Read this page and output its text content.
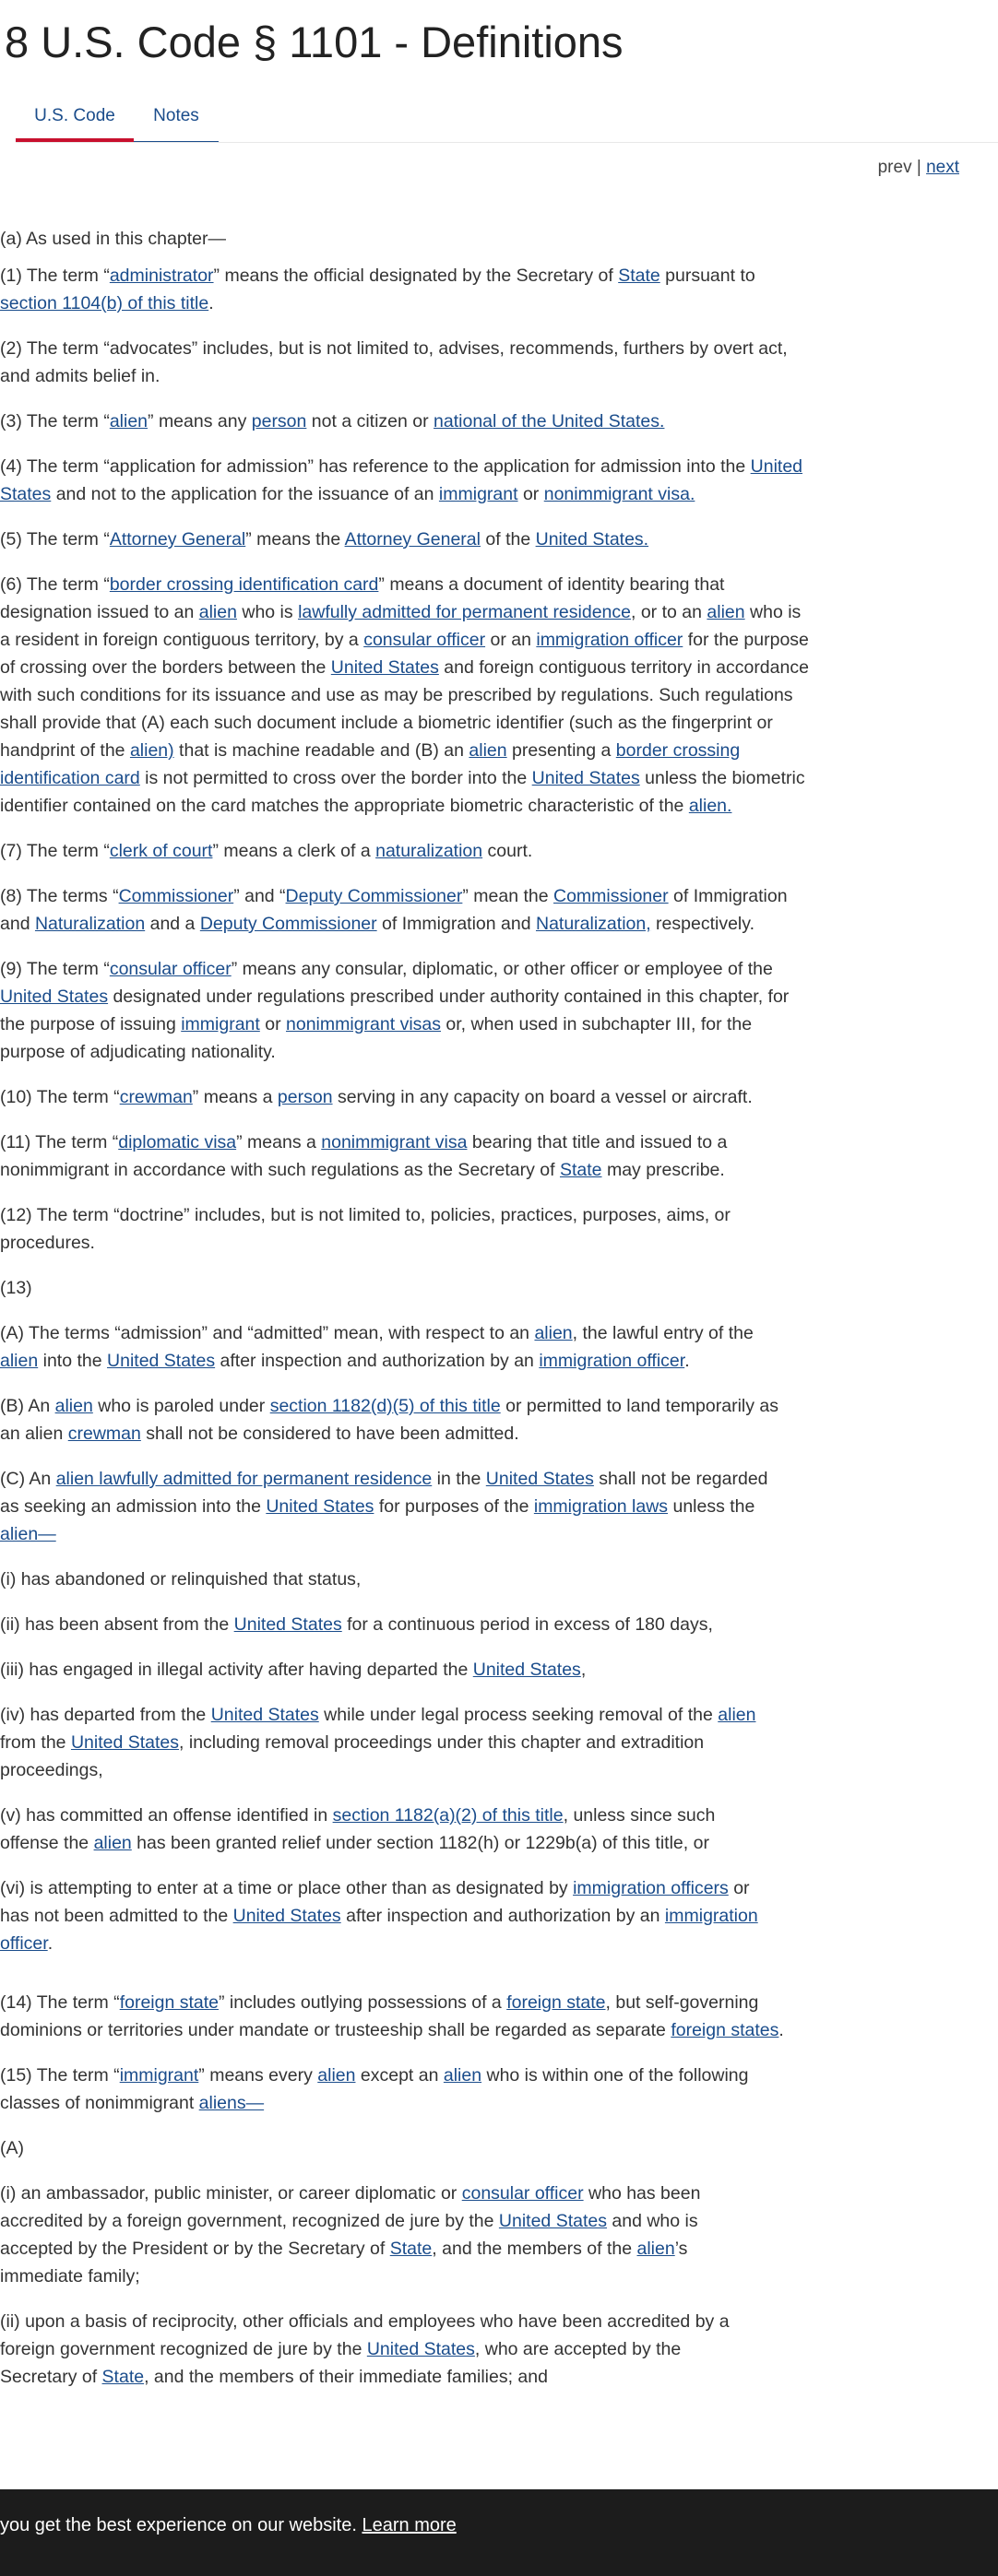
8 U.S. Code § 1101 - Definitions
U.S. Code	Notes
prev | next

(a) As used in this chapter—

(1) The term “administrator” means the official designated by the Secretary of State pursuant to section 1104(b) of this title.

(2) The term “advocates” includes, but is not limited to, advises, recommends, furthers by overt act, and admits belief in.

(3) The term “alien” means any person not a citizen or national of the United States.

(4) The term “application for admission” has reference to the application for admission into the United States and not to the application for the issuance of an immigrant or nonimmigrant visa.

(5) The term “Attorney General” means the Attorney General of the United States.

(6) The term “border crossing identification card” means a document of identity bearing that designation issued to an alien who is lawfully admitted for permanent residence, or to an alien who is a resident in foreign contiguous territory, by a consular officer or an immigration officer for the purpose of crossing over the borders between the United States and foreign contiguous territory in accordance with such conditions for its issuance and use as may be prescribed by regulations. Such regulations shall provide that (A) each such document include a biometric identifier (such as the fingerprint or handprint of the alien) that is machine readable and (B) an alien presenting a border crossing identification card is not permitted to cross over the border into the United States unless the biometric identifier contained on the card matches the appropriate biometric characteristic of the alien.

(7) The term “clerk of court” means a clerk of a naturalization court.

(8) The terms “Commissioner” and “Deputy Commissioner” mean the Commissioner of Immigration and Naturalization and a Deputy Commissioner of Immigration and Naturalization, respectively.

(9) The term “consular officer” means any consular, diplomatic, or other officer or employee of the United States designated under regulations prescribed under authority contained in this chapter, for the purpose of issuing immigrant or nonimmigrant visas or, when used in subchapter III, for the purpose of adjudicating nationality.

(10) The term “crewman” means a person serving in any capacity on board a vessel or aircraft.

(11) The term “diplomatic visa” means a nonimmigrant visa bearing that title and issued to a nonimmigrant in accordance with such regulations as the Secretary of State may prescribe.

(12) The term “doctrine” includes, but is not limited to, policies, practices, purposes, aims, or procedures.

(13)

(A) The terms “admission” and “admitted” mean, with respect to an alien, the lawful entry of the alien into the United States after inspection and authorization by an immigration officer.

(B) An alien who is paroled under section 1182(d)(5) of this title or permitted to land temporarily as an alien crewman shall not be considered to have been admitted.

(C) An alien lawfully admitted for permanent residence in the United States shall not be regarded as seeking an admission into the United States for purposes of the immigration laws unless the alien—

(i) has abandoned or relinquished that status,

(ii) has been absent from the United States for a continuous period in excess of 180 days,

(iii) has engaged in illegal activity after having departed the United States,

(iv) has departed from the United States while under legal process seeking removal of the alien from the United States, including removal proceedings under this chapter and extradition proceedings,

(v) has committed an offense identified in section 1182(a)(2) of this title, unless since such offense the alien has been granted relief under section 1182(h) or 1229b(a) of this title, or

(vi) is attempting to enter at a time or place other than as designated by immigration officers or has not been admitted to the United States after inspection and authorization by an immigration officer.

(14) The term “foreign state” includes outlying possessions of a foreign state, but self-governing dominions or territories under mandate or trusteeship shall be regarded as separate foreign states.

(15) The term “immigrant” means every alien except an alien who is within one of the following classes of nonimmigrant aliens—

(A)

(i) an ambassador, public minister, or career diplomatic or consular officer who has been accredited by a foreign government, recognized de jure by the United States and who is accepted by the President or by the Secretary of State, and the members of the alien’s immediate family;

(ii) upon a basis of reciprocity, other officials and employees who have been accredited by a foreign government recognized de jure by the United States, who are accepted by the Secretary of State, and the members of their immediate families; and

you get the best experience on our website. Learn more
